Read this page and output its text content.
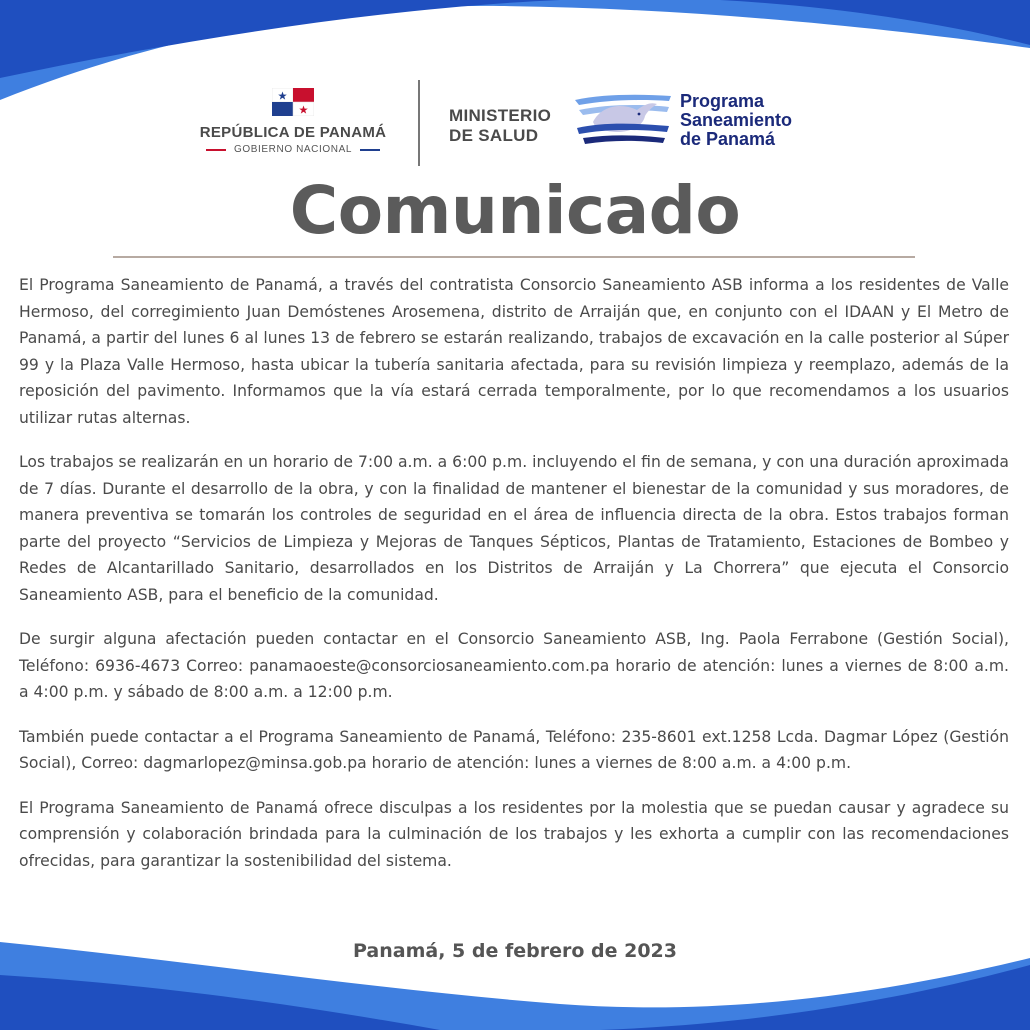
REPÚBLICA DE PANAMÁ
GOBIERNO NACIONAL
MINISTERIO
DE SALUD
Programa
Saneamiento
de Panamá
Comunicado

El Programa Saneamiento de Panamá, a través del contratista Consorcio Saneamiento ASB informa a los residentes de Valle Hermoso, del corregimiento Juan Demóstenes Arosemena, distrito de Arraiján que, en conjunto con el IDAAN y El Metro de Panamá, a partir del lunes 6 al lunes 13 de febrero se estarán realizando, trabajos de excavación en la calle posterior al Súper 99 y la Plaza Valle Hermoso, hasta ubicar la tubería sanitaria afectada, para su revisión limpieza y reemplazo, además de la reposición del pavimento. Informamos que la vía estará cerrada temporalmente, por lo que recomendamos a los usuarios utilizar rutas alternas.

Los trabajos se realizarán en un horario de 7:00 a.m. a 6:00 p.m. incluyendo el fin de semana, y con una duración aproximada de 7 días. Durante el desarrollo de la obra, y con la finalidad de mantener el bienestar de la comunidad y sus moradores, de manera preventiva se tomarán los controles de seguridad en el área de influencia directa de la obra. Estos trabajos forman parte del proyecto “Servicios de Limpieza y Mejoras de Tanques Sépticos, Plantas de Tratamiento, Estaciones de Bombeo y Redes de Alcantarillado Sanitario, desarrollados en los Distritos de Arraiján y La Chorrera” que ejecuta el Consorcio Saneamiento ASB, para el beneficio de la comunidad.

De surgir alguna afectación pueden contactar en el Consorcio Saneamiento ASB, Ing. Paola Ferrabone (Gestión Social), Teléfono: 6936-4673 Correo: panamaoeste@consorciosaneamiento.com.pa horario de atención: lunes a viernes de 8:00 a.m. a 4:00 p.m. y sábado de 8:00 a.m. a 12:00 p.m.

También puede contactar a el Programa Saneamiento de Panamá, Teléfono: 235-8601 ext.1258 Lcda. Dagmar López (Gestión Social), Correo: dagmarlopez@minsa.gob.pa horario de atención: lunes a viernes de 8:00 a.m. a 4:00 p.m.

El Programa Saneamiento de Panamá ofrece disculpas a los residentes por la molestia que se puedan causar y agradece su comprensión y colaboración brindada para la culminación de los trabajos y les exhorta a cumplir con las recomendaciones ofrecidas, para garantizar la sostenibilidad del sistema.

Panamá, 5 de febrero de 2023
